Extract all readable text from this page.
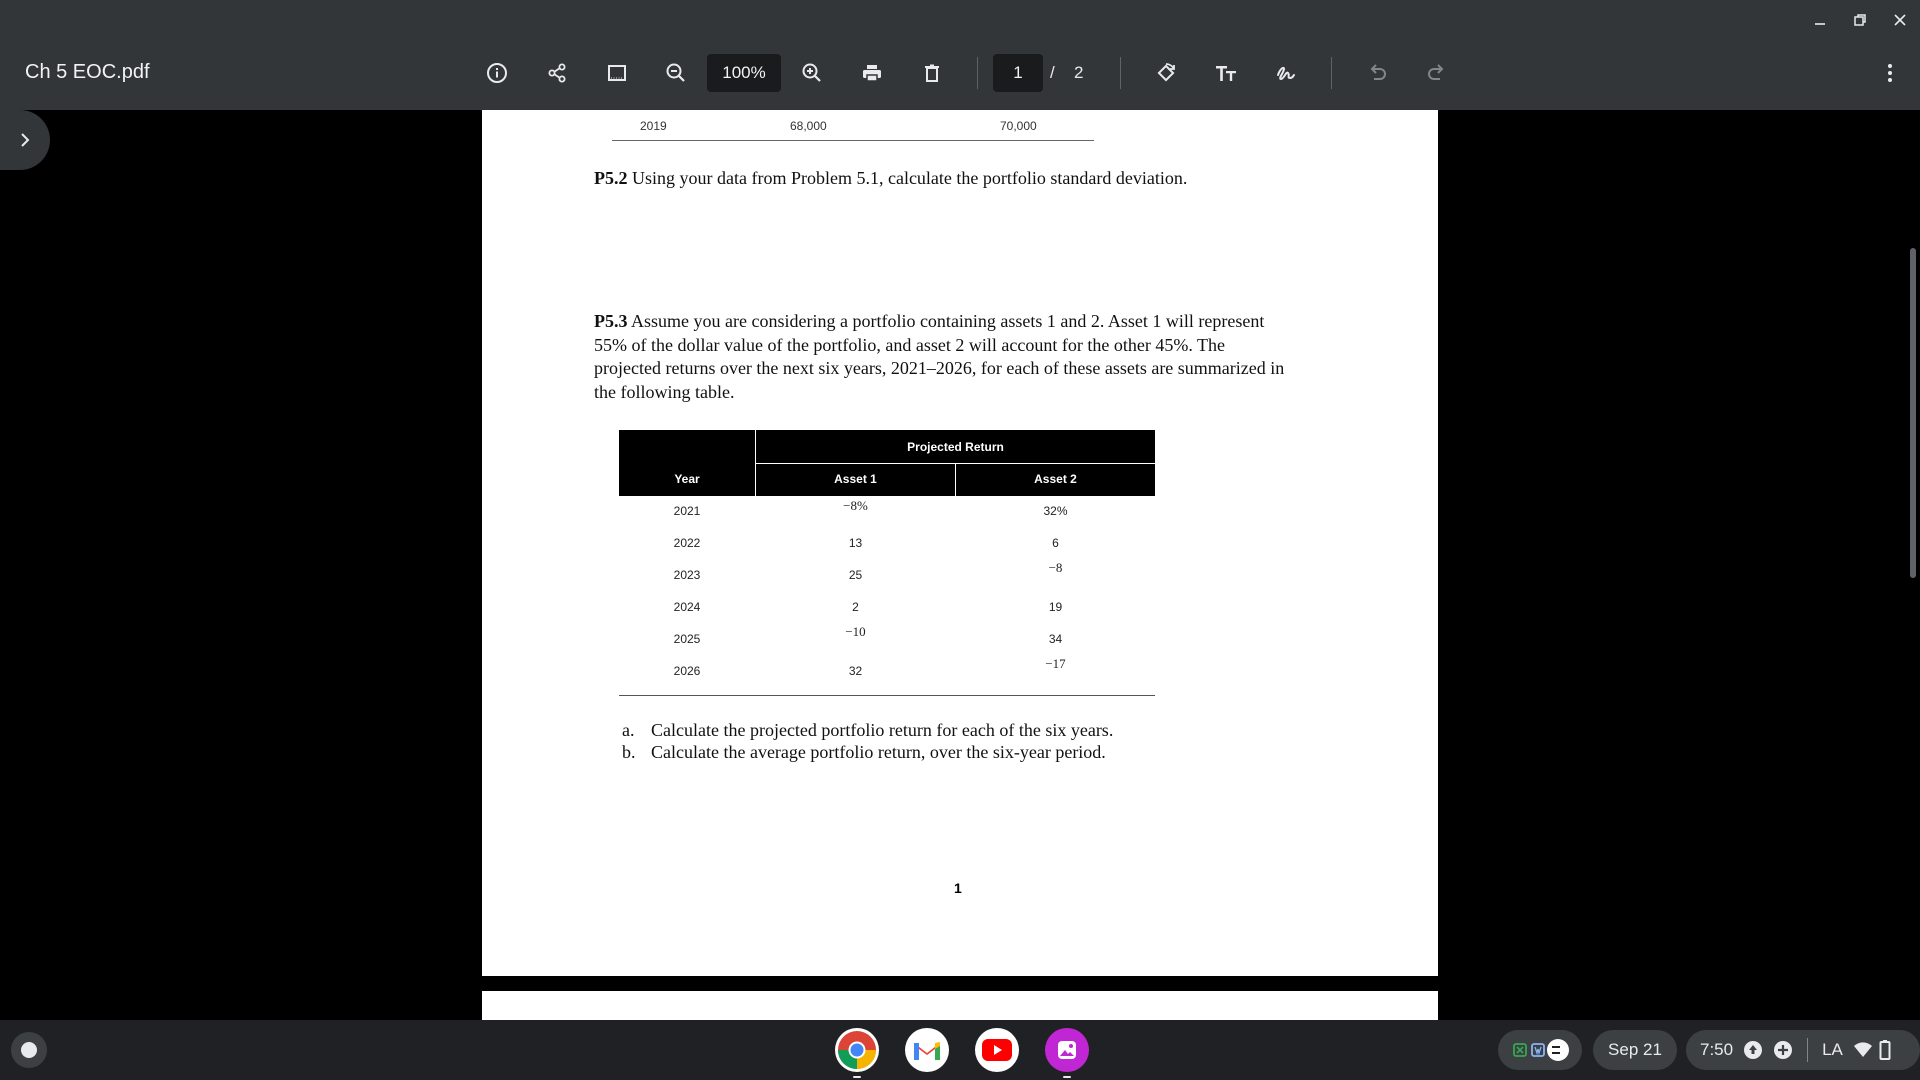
Ch 5 EOC.pdf	100%	1	/ 2
2019	68,000	70,000
P5.2 Using your data from Problem 5.1, calculate the portfolio standard deviation.
P5.3 Assume you are considering a portfolio containing assets 1 and 2. Asset 1 will represent
55% of the dollar value of the portfolio, and asset 2 will account for the other 45%. The
projected returns over the next six years, 2021–2026, for each of these assets are summarized in
the following table.
Projected Return
Year	Asset 1	Asset 2
2021	−8%	32%
2022	13	6
2023	25	−8
2024	2	19
2025	−10	34
2026	32	−17
a. Calculate the projected portfolio return for each of the six years.
b. Calculate the average portfolio return, over the six-year period.
1
Sep 21	7:50	LA
